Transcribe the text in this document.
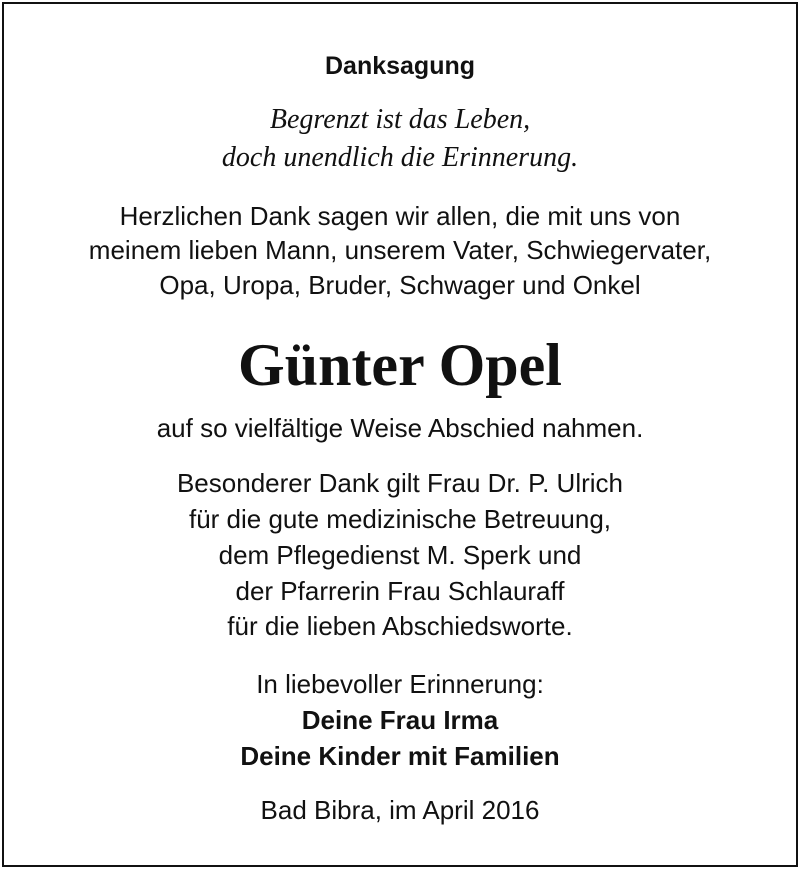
Danksagung
Begrenzt ist das Leben,
doch unendlich die Erinnerung.
Herzlichen Dank sagen wir allen, die mit uns von
meinem lieben Mann, unserem Vater, Schwiegervater,
Opa, Uropa, Bruder, Schwager und Onkel
Günter Opel
auf so vielfältige Weise Abschied nahmen.
Besonderer Dank gilt Frau Dr. P. Ulrich
für die gute medizinische Betreuung,
dem Pflegedienst M. Sperk und
der Pfarrerin Frau Schlauraff
für die lieben Abschiedsworte.
In liebevoller Erinnerung:
Deine Frau Irma
Deine Kinder mit Familien
Bad Bibra, im April 2016
